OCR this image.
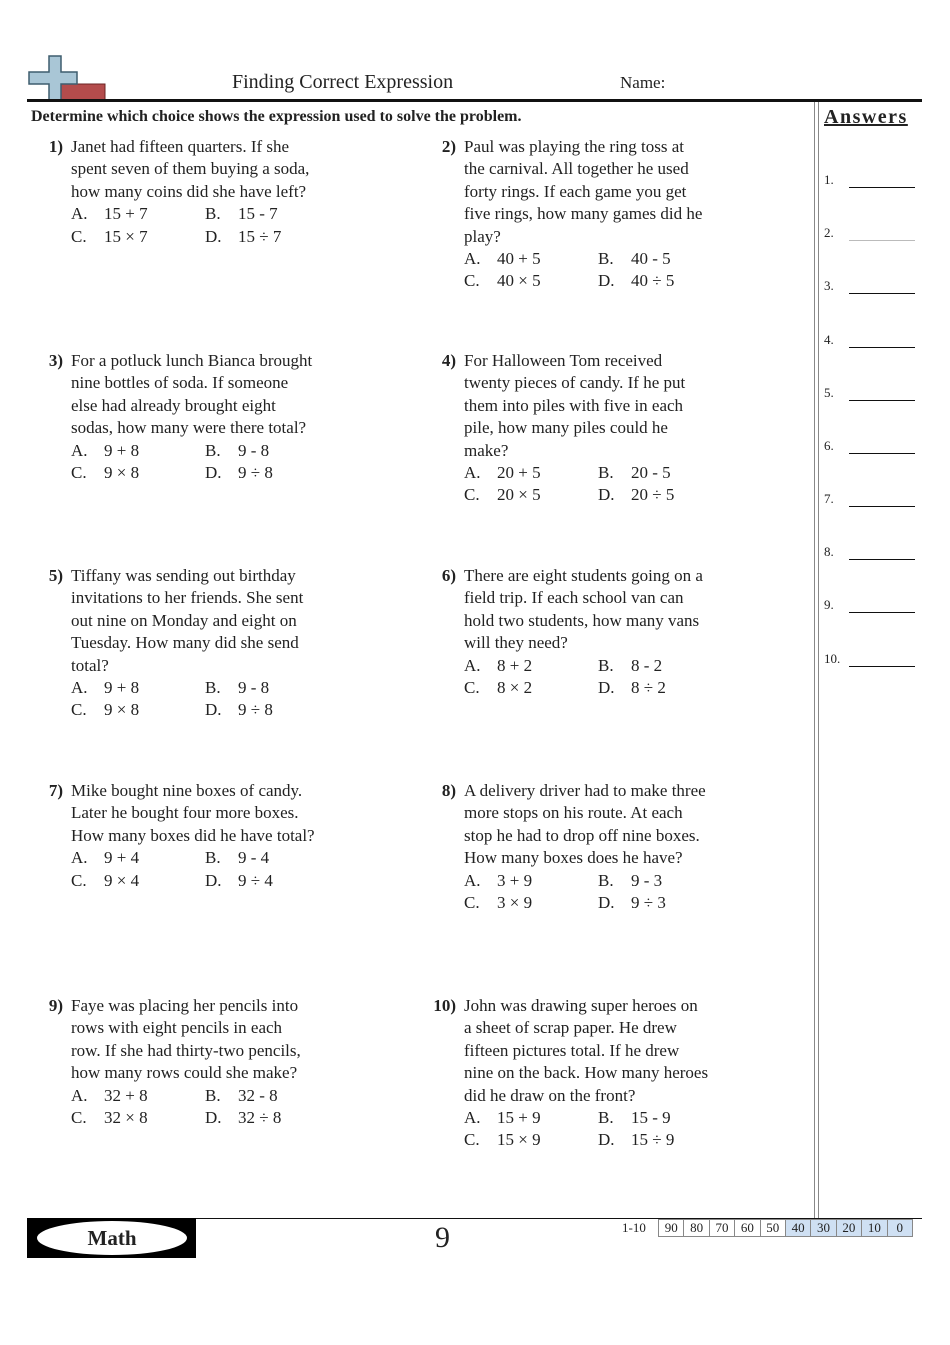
Finding Correct Expression	Name:
Determine which choice shows the expression used to solve the problem.	Answers
1.
2.
3.
4.
5.
6.
7.
8.
9.
10.
1) Janet had fifteen quarters. If she
spent seven of them buying a soda,
how many coins did she have left?
A. 15 + 7	B. 15 - 7
C. 15 × 7	D. 15 ÷ 7
2) Paul was playing the ring toss at
the carnival. All together he used
forty rings. If each game you get
five rings, how many games did he
play?
A. 40 + 5	B. 40 - 5
C. 40 × 5	D. 40 ÷ 5
3) For a potluck lunch Bianca brought
nine bottles of soda. If someone
else had already brought eight
sodas, how many were there total?
A. 9 + 8	B. 9 - 8
C. 9 × 8	D. 9 ÷ 8
4) For Halloween Tom received
twenty pieces of candy. If he put
them into piles with five in each
pile, how many piles could he
make?
A. 20 + 5	B. 20 - 5
C. 20 × 5	D. 20 ÷ 5
5) Tiffany was sending out birthday
invitations to her friends. She sent
out nine on Monday and eight on
Tuesday. How many did she send
total?
A. 9 + 8	B. 9 - 8
C. 9 × 8	D. 9 ÷ 8
6) There are eight students going on a
field trip. If each school van can
hold two students, how many vans
will they need?
A. 8 + 2	B. 8 - 2
C. 8 × 2	D. 8 ÷ 2
7) Mike bought nine boxes of candy.
Later he bought four more boxes.
How many boxes did he have total?
A. 9 + 4	B. 9 - 4
C. 9 × 4	D. 9 ÷ 4
8) A delivery driver had to make three
more stops on his route. At each
stop he had to drop off nine boxes.
How many boxes does he have?
A. 3 + 9	B. 9 - 3
C. 3 × 9	D. 9 ÷ 3
9) Faye was placing her pencils into
rows with eight pencils in each
row. If she had thirty-two pencils,
how many rows could she make?
A. 32 + 8	B. 32 - 8
C. 32 × 8	D. 32 ÷ 8
10) John was drawing super heroes on
a sheet of scrap paper. He drew
fifteen pictures total. If he drew
nine on the back. How many heroes
did he draw on the front?
A. 15 + 9	B. 15 - 9
C. 15 × 9	D. 15 ÷ 9
Math	9	1-10 90	80	70	60	50	40	30	20	10	0
